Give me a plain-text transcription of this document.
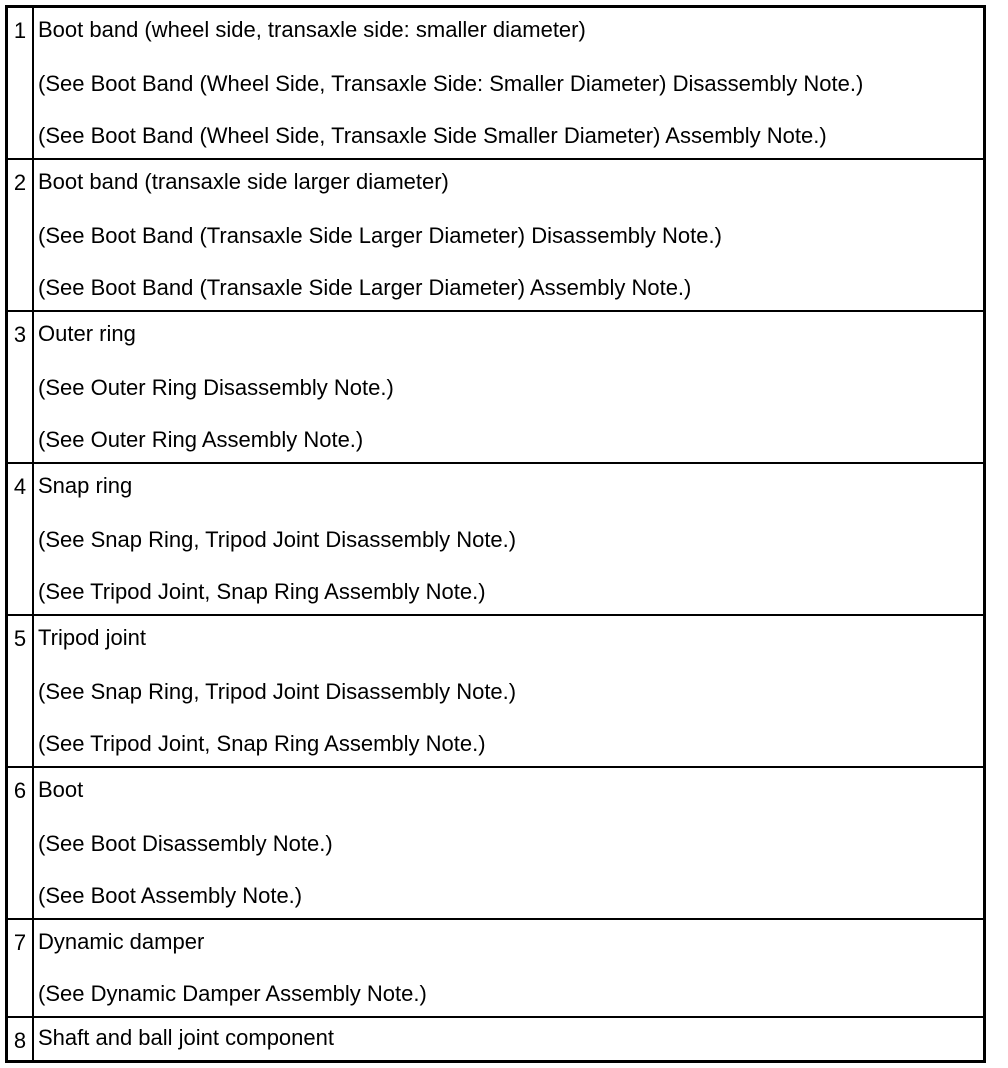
1 Boot band (wheel side, transaxle side: smaller diameter)
(See Boot Band (Wheel Side, Transaxle Side: Smaller Diameter) Disassembly Note.)
(See Boot Band (Wheel Side, Transaxle Side Smaller Diameter) Assembly Note.)
2 Boot band (transaxle side larger diameter)
(See Boot Band (Transaxle Side Larger Diameter) Disassembly Note.)
(See Boot Band (Transaxle Side Larger Diameter) Assembly Note.)
3 Outer ring
(See Outer Ring Disassembly Note.)
(See Outer Ring Assembly Note.)
4 Snap ring
(See Snap Ring, Tripod Joint Disassembly Note.)
(See Tripod Joint, Snap Ring Assembly Note.)
5 Tripod joint
(See Snap Ring, Tripod Joint Disassembly Note.)
(See Tripod Joint, Snap Ring Assembly Note.)
6 Boot
(See Boot Disassembly Note.)
(See Boot Assembly Note.)
7 Dynamic damper
(See Dynamic Damper Assembly Note.)
8 Shaft and ball joint component
